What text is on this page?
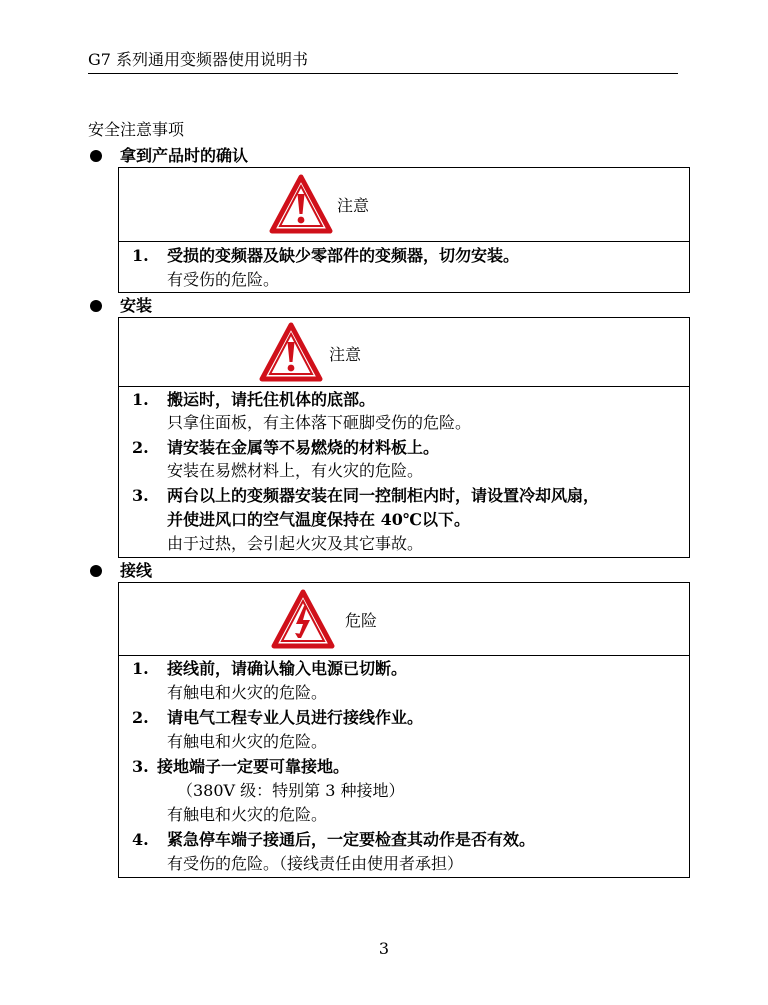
G7 系列通用变频器使用说明书
安全注意事项
拿到产品时的确认
注意
1. 受损的变频器及缺少零部件的变频器，切勿安装。
有受伤的危险。
安装
注意
1. 搬运时，请托住机体的底部。
只拿住面板，有主体落下砸脚受伤的危险。
2. 请安装在金属等不易燃烧的材料板上。
安装在易燃材料上，有火灾的危险。
3. 两台以上的变频器安装在同一控制柜内时，请设置冷却风扇，
并使进风口的空气温度保持在 40℃以下。
由于过热，会引起火灾及其它事故。
接线
危险
1. 接线前，请确认输入电源已切断。
有触电和火灾的危险。
2. 请电气工程专业人员进行接线作业。
有触电和火灾的危险。
3. 接地端子一定要可靠接地。
（380V 级：特别第 3 种接地）
有触电和火灾的危险。
4. 紧急停车端子接通后，一定要检查其动作是否有效。
有受伤的危险。（接线责任由使用者承担）
3
